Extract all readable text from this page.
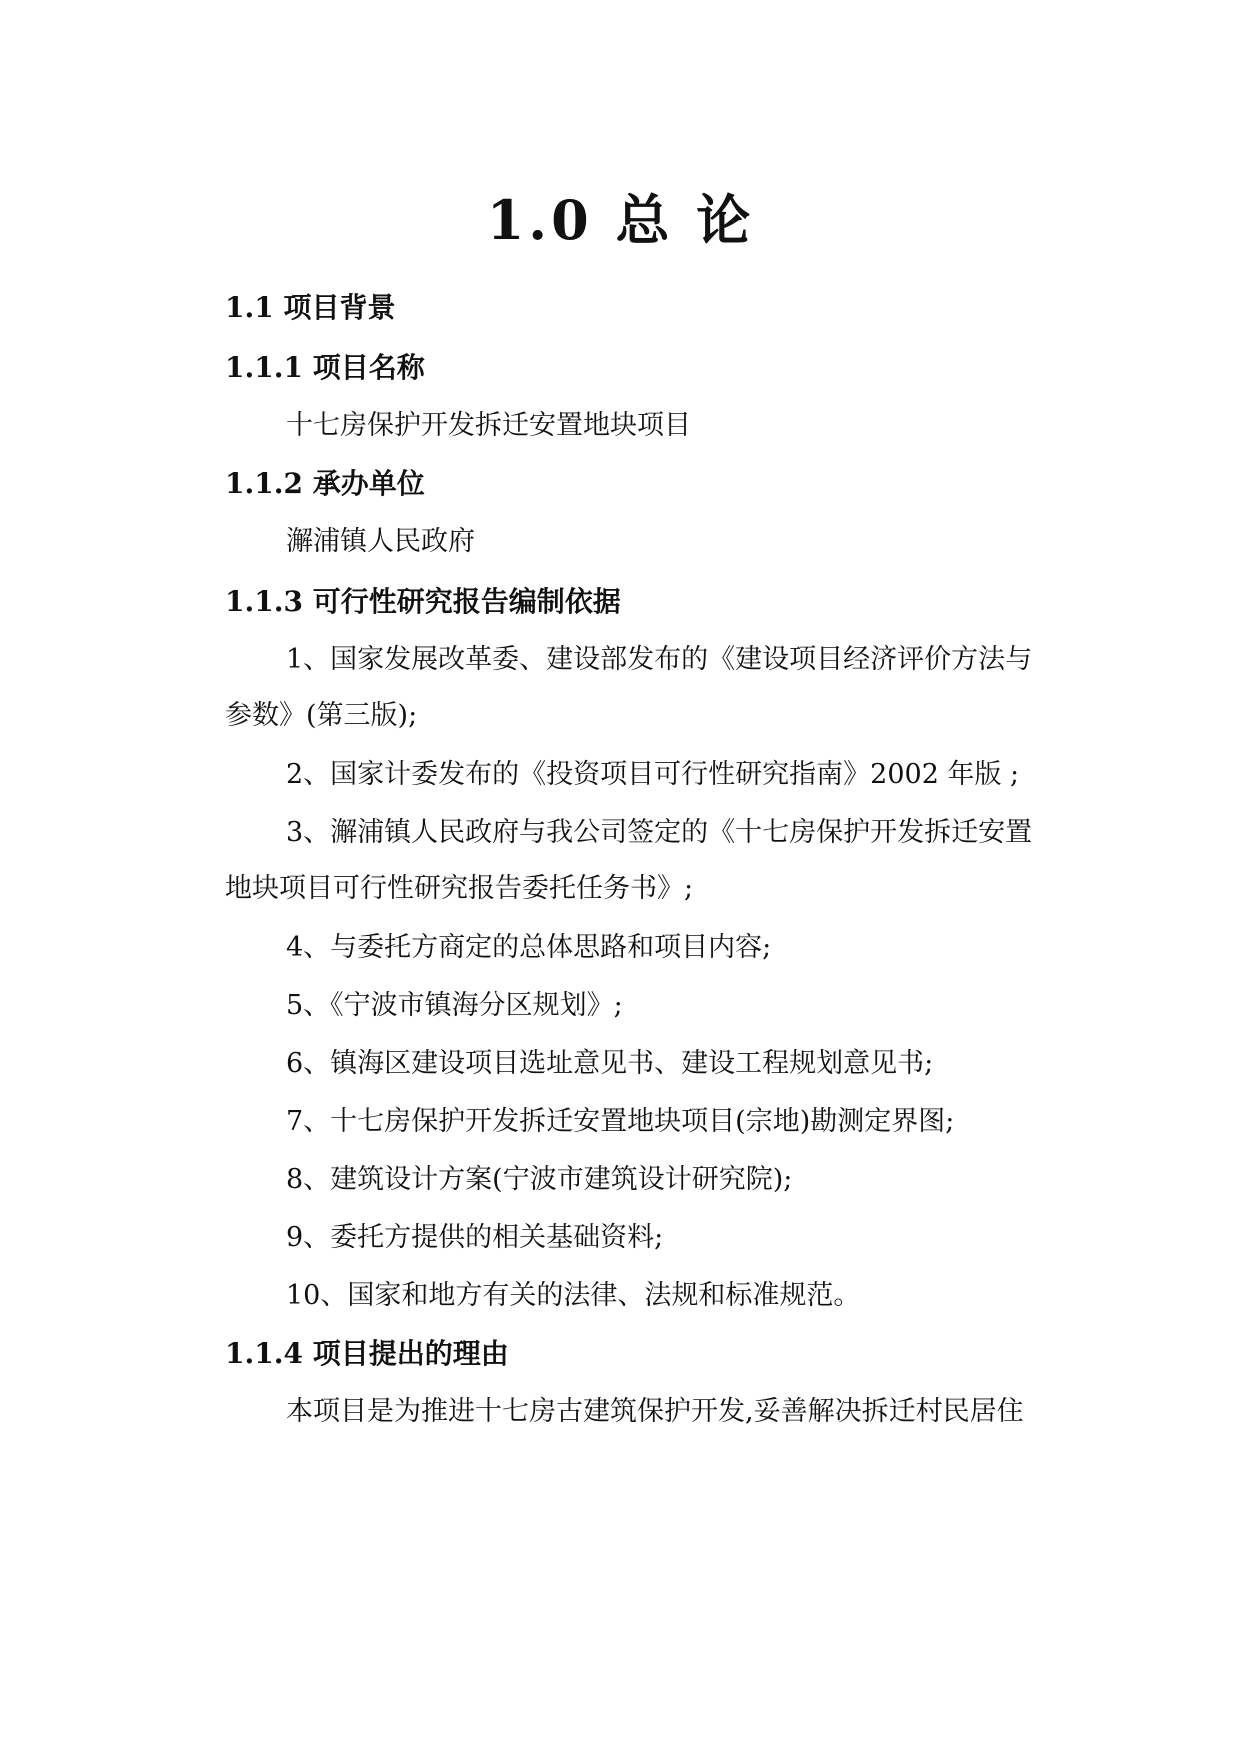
1.0 总 论
1.1 项目背景
1.1.1 项目名称
十七房保护开发拆迁安置地块项目
1.1.2 承办单位
澥浦镇人民政府
1.1.3 可行性研究报告编制依据
1、国家发展改革委、建设部发布的《建设项目经济评价方法与
参数》(第三版);
2、国家计委发布的《投资项目可行性研究指南》2002 年版 ;
3、澥浦镇人民政府与我公司签定的《十七房保护开发拆迁安置
地块项目可行性研究报告委托任务书》;
4、与委托方商定的总体思路和项目内容;
5、《宁波市镇海分区规划》;
6、镇海区建设项目选址意见书、建设工程规划意见书;
7、十七房保护开发拆迁安置地块项目(宗地)勘测定界图;
8、建筑设计方案(宁波市建筑设计研究院);
9、委托方提供的相关基础资料;
10、国家和地方有关的法律、法规和标准规范。
1.1.4 项目提出的理由
本项目是为推进十七房古建筑保护开发,妥善解决拆迁村民居住
